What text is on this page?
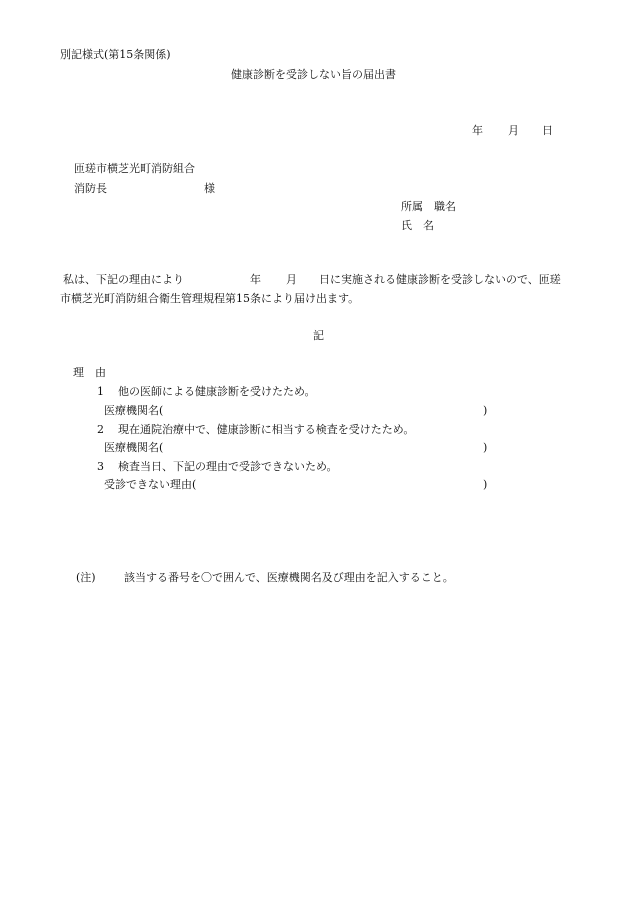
別記様式(第15条関係)
健康診断を受診しない旨の届出書
年 月 日
匝瑳市横芝光町消防組合
消防長	様
所属　職名
氏　名
私は、下記の理由により	年 月 日に実施される健康診断を受診しないので、匝瑳
市横芝光町消防組合衛生管理規程第15条により届け出ます。
記
理　由
1 他の医師による健康診断を受けたため。
医療機関名(	)
2 現在通院治療中で、健康診断に相当する検査を受けたため。
医療機関名(	)
3 検査当日、下記の理由で受診できないため。
受診できない理由(	)
(注)	該当する番号を〇で囲んで、医療機関名及び理由を記入すること。
